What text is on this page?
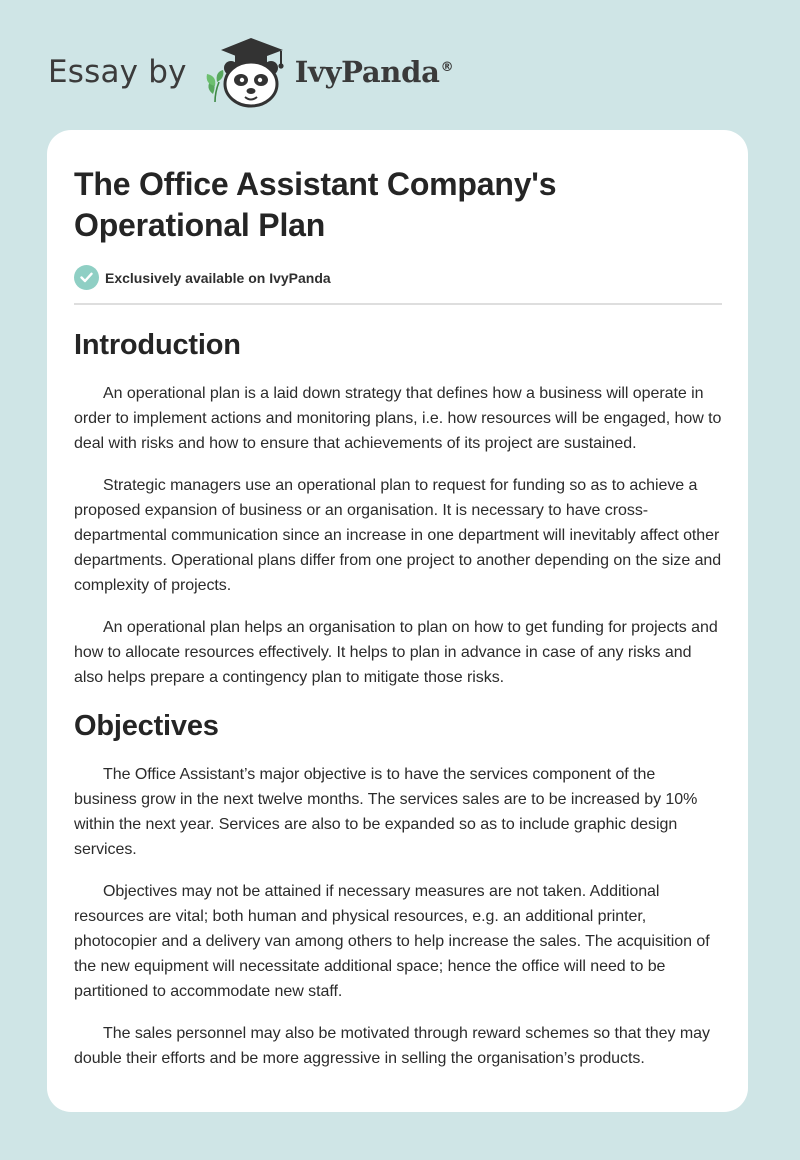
Essay by	IvyPanda®
The Office Assistant Company's Operational Plan
Exclusively available on IvyPanda
Introduction

An operational plan is a laid down strategy that defines how a business will operate in order to implement actions and monitoring plans, i.e. how resources will be engaged, how to deal with risks and how to ensure that achievements of its project are sustained.

Strategic managers use an operational plan to request for funding so as to achieve a proposed expansion of business or an organisation. It is necessary to have cross-departmental communication since an increase in one department will inevitably affect other departments. Operational plans differ from one project to another depending on the size and complexity of projects.

An operational plan helps an organisation to plan on how to get funding for projects and how to allocate resources effectively. It helps to plan in advance in case of any risks and also helps prepare a contingency plan to mitigate those risks.

Objectives

The Office Assistant’s major objective is to have the services component of the business grow in the next twelve months. The services sales are to be increased by 10% within the next year. Services are also to be expanded so as to include graphic design services.

Objectives may not be attained if necessary measures are not taken. Additional resources are vital; both human and physical resources, e.g. an additional printer, photocopier and a delivery van among others to help increase the sales. The acquisition of the new equipment will necessitate additional space; hence the office will need to be partitioned to accommodate new staff.

The sales personnel may also be motivated through reward schemes so that they may double their efforts and be more aggressive in selling the organisation’s products.
